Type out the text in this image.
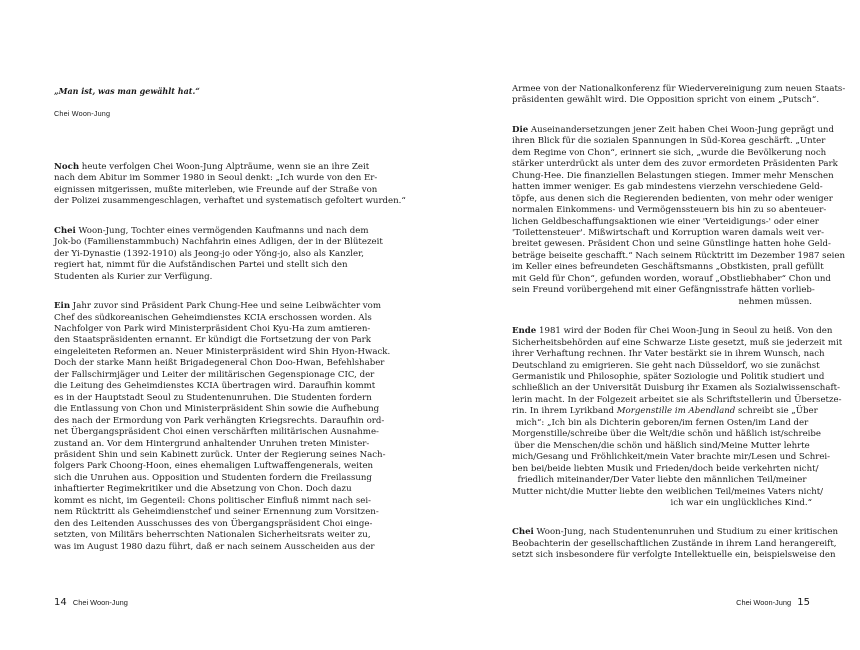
„Man ist, was man gewählt hat.“
Chei Woon-Jung
Noch heute verfolgen Chei Woon-Jung Alpträume, wenn sie an ihre Zeit
nach dem Abitur im Sommer 1980 in Seoul denkt: „Ich wurde von den Er-
eignissen mitgerissen, mußte miterleben, wie Freunde auf der Straße von
der Polizei zusammengeschlagen, verhaftet und systematisch gefoltert wurden.“
Chei Woon-Jung, Tochter eines vermögenden Kaufmanns und nach dem
Jok-bo (Familienstammbuch) Nachfahrin eines Adligen, der in der Blütezeit
der Yi-Dynastie (1392-1910) als Jeong-jo oder Yŏng-jo, also als Kanzler,
regiert hat, nimmt für die Aufständischen Partei und stellt sich den
Studenten als Kurier zur Verfügung.
Ein Jahr zuvor sind Präsident Park Chung-Hee und seine Leibwächter vom
Chef des südkoreanischen Geheimdienstes KCIA erschossen worden. Als
Nachfolger von Park wird Ministerpräsident Choi Kyu-Ha zum amtieren-
den Staatspräsidenten ernannt. Er kündigt die Fortsetzung der von Park
eingeleiteten Reformen an. Neuer Ministerpräsident wird Shin Hyon-Hwack.
Doch der starke Mann heißt Brigadegeneral Chon Doo-Hwan, Befehlshaber
der Fallschirmjäger und Leiter der militärischen Gegenspionage CIC, der
die Leitung des Geheimdienstes KCIA übertragen wird. Daraufhin kommt
es in der Hauptstadt Seoul zu Studentenunruhen. Die Studenten fordern
die Entlassung von Chon und Ministerpräsident Shin sowie die Aufhebung
des nach der Ermordung von Park verhängten Kriegsrechts. Daraufhin ord-
net Übergangspräsident Choi einen verschärften militärischen Ausnahme-
zustand an. Vor dem Hintergrund anhaltender Unruhen treten Minister-
präsident Shin und sein Kabinett zurück. Unter der Regierung seines Nach-
folgers Park Choong-Hoon, eines ehemaligen Luftwaffengenerals, weiten
sich die Unruhen aus. Opposition und Studenten fordern die Freilassung
inhaftierter Regimekritiker und die Absetzung von Chon. Doch dazu
kommt es nicht, im Gegenteil: Chons politischer Einfluß nimmt nach sei-
nem Rücktritt als Geheimdienstchef und seiner Ernennung zum Vorsitzen-
den des Leitenden Ausschusses des von Übergangspräsident Choi einge-
setzten, von Militärs beherrschten Nationalen Sicherheitsrats weiter zu,
was im August 1980 dazu führt, daß er nach seinem Ausscheiden aus der
14 Chei Woon-Jung
Armee von der Nationalkonferenz für Wiedervereinigung zum neuen Staats-
präsidenten gewählt wird. Die Opposition spricht von einem „Putsch“.
Die Auseinandersetzungen jener Zeit haben Chei Woon-Jung geprägt und
ihren Blick für die sozialen Spannungen in Süd-Korea geschärft. „Unter
dem Regime von Chon“, erinnert sie sich, „wurde die Bevölkerung noch
stärker unterdrückt als unter dem des zuvor ermordeten Präsidenten Park
Chung-Hee. Die finanziellen Belastungen stiegen. Immer mehr Menschen
hatten immer weniger. Es gab mindestens vierzehn verschiedene Geld-
töpfe, aus denen sich die Regierenden bedienten, von mehr oder weniger
normalen Einkommens- und Vermögenssteuern bis hin zu so abenteuer-
lichen Geldbeschaffungsaktionen wie einer 'Verteidigungs-' oder einer
'Toilettensteuer'. Mißwirtschaft und Korruption waren damals weit ver-
breitet gewesen. Präsident Chon und seine Günstlinge hatten hohe Geld-
beträge beiseite geschafft.“ Nach seinem Rücktritt im Dezember 1987 seien
im Keller eines befreundeten Geschäftsmanns „Obstkisten, prall gefüllt
mit Geld für Chon“, gefunden worden, worauf „Obstliebhaber“ Chon und
sein Freund vorübergehend mit einer Gefängnisstrafe hätten vorlieb-
nehmen müssen.
Ende 1981 wird der Boden für Chei Woon-Jung in Seoul zu heiß. Von den
Sicherheitsbehörden auf eine Schwarze Liste gesetzt, muß sie jederzeit mit
ihrer Verhaftung rechnen. Ihr Vater bestärkt sie in ihrem Wunsch, nach
Deutschland zu emigrieren. Sie geht nach Düsseldorf, wo sie zunächst
Germanistik und Philosophie, später Soziologie und Politik studiert und
schließlich an der Universität Duisburg ihr Examen als Sozialwissenschaft-
lerin macht. In der Folgezeit arbeitet sie als Schriftstellerin und Übersetze-
rin. In ihrem Lyrikband Morgenstille im Abendland schreibt sie „Über
mich“: „Ich bin als Dichterin geboren/im fernen Osten/im Land der
Morgenstille/schreibe über die Welt/die schön und häßlich ist/schreibe
über die Menschen/die schön und häßlich sind/Meine Mutter lehrte
mich/Gesang und Fröhlichkeit/mein Vater brachte mir/Lesen und Schrei-
ben bei/beide liebten Musik und Frieden/doch beide verkehrten nicht/
friedlich miteinander/Der Vater liebte den männlichen Teil/meiner
Mutter nicht/die Mutter liebte den weiblichen Teil/meines Vaters nicht/
ich war ein unglückliches Kind.“
Chei Woon-Jung, nach Studentenunruhen und Studium zu einer kritischen
Beobachterin der gesellschaftlichen Zustände in ihrem Land herangereift,
setzt sich insbesondere für verfolgte Intellektuelle ein, beispielsweise den
Chei Woon-Jung 15
